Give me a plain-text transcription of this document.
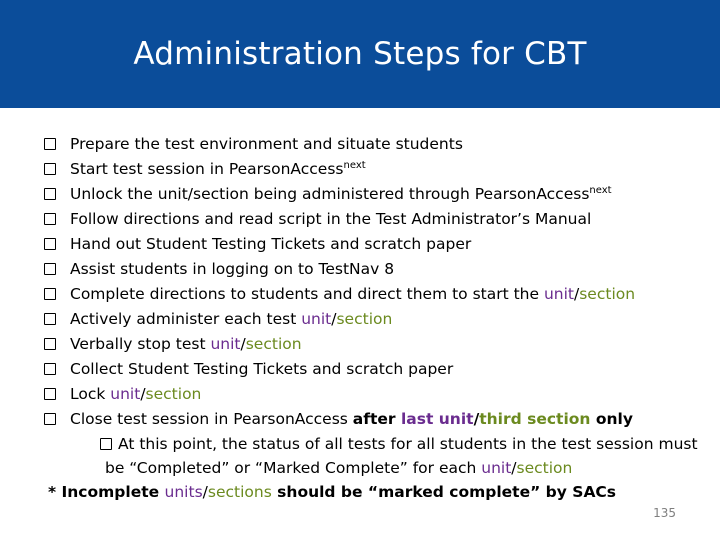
Administration Steps for CBT
Prepare the test environment and situate students
Start test session in PearsonAccess$^{next}$
Unlock the unit/section being administered through PearsonAccess$^{next}$
Follow directions and read script in the Test Administrator’s Manual
Hand out Student Testing Tickets and scratch paper
Assist students in logging on to TestNav 8
Complete directions to students and direct them to start the unit/section
Actively administer each test unit/section
Verbally stop test unit/section
Collect Student Testing Tickets and scratch paper
Lock unit/section
Close test session in PearsonAccess after last unit/third section only
At this point, the status of all tests for all students in the test session must
be “Completed” or “Marked Complete” for each unit/section
* Incomplete units/sections should be “marked complete” by SACs
135
